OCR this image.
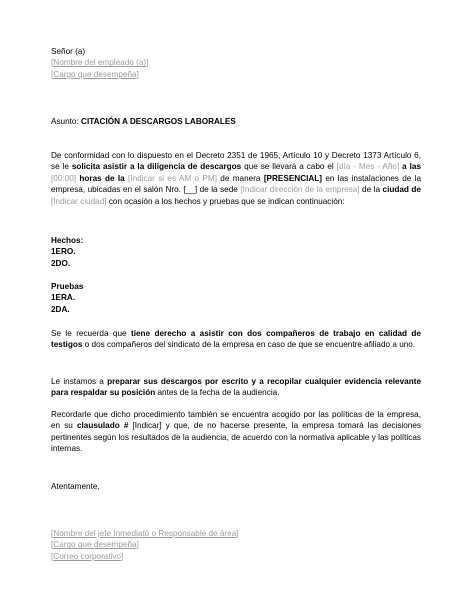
Señor (a)

[Nombre del empleado (a)]

[Cargo que desempeña]

Asunto: CITACIÓN A DESCARGOS LABORALES

De conformidad con lo dispuesto en el Decreto 2351 de 1965, Artículo 10 y Decreto 1373 Artículo 6, se le solicita asistir a la diligencia de descargos que se llevará a cabo el [día - Mes - Año] a las [00:00] horas de la [Indicar si es AM o PM] de manera [PRESENCIAL] en las instalaciones de la empresa, ubicadas en el salón Nro. [__] de la sede [Indicar dirección de la empresa] de la ciudad de [Indicar ciudad] con ocasión a los hechos y pruebas que se indican continuación:

Hechos:

1ERO.

2DO.

Pruebas

1ERA.

2DA.

Se le recuerda que tiene derecho a asistir con dos compañeros de trabajo en calidad de testigos o dos compañeros del sindicato de la empresa en caso de que se encuentre afiliado a uno.

Le instamos a preparar sus descargos por escrito y a recopilar cualquier evidencia relevante para respaldar su posición antes de la fecha de la audiencia.

Recordarle que dicho procedimiento también se encuentra acogido por las políticas de la empresa, en su clausulado # [Indicar] y que, de no hacerse presente, la empresa tomará las decisiones pertinentes según los resultados de la audiencia, de acuerdo con la normativa aplicable y las políticas internas.

Atentamente,

[Nombre del jefe Inmediato o Responsable de área]

[Cargo que desempeña]

[Correo corporativo]
